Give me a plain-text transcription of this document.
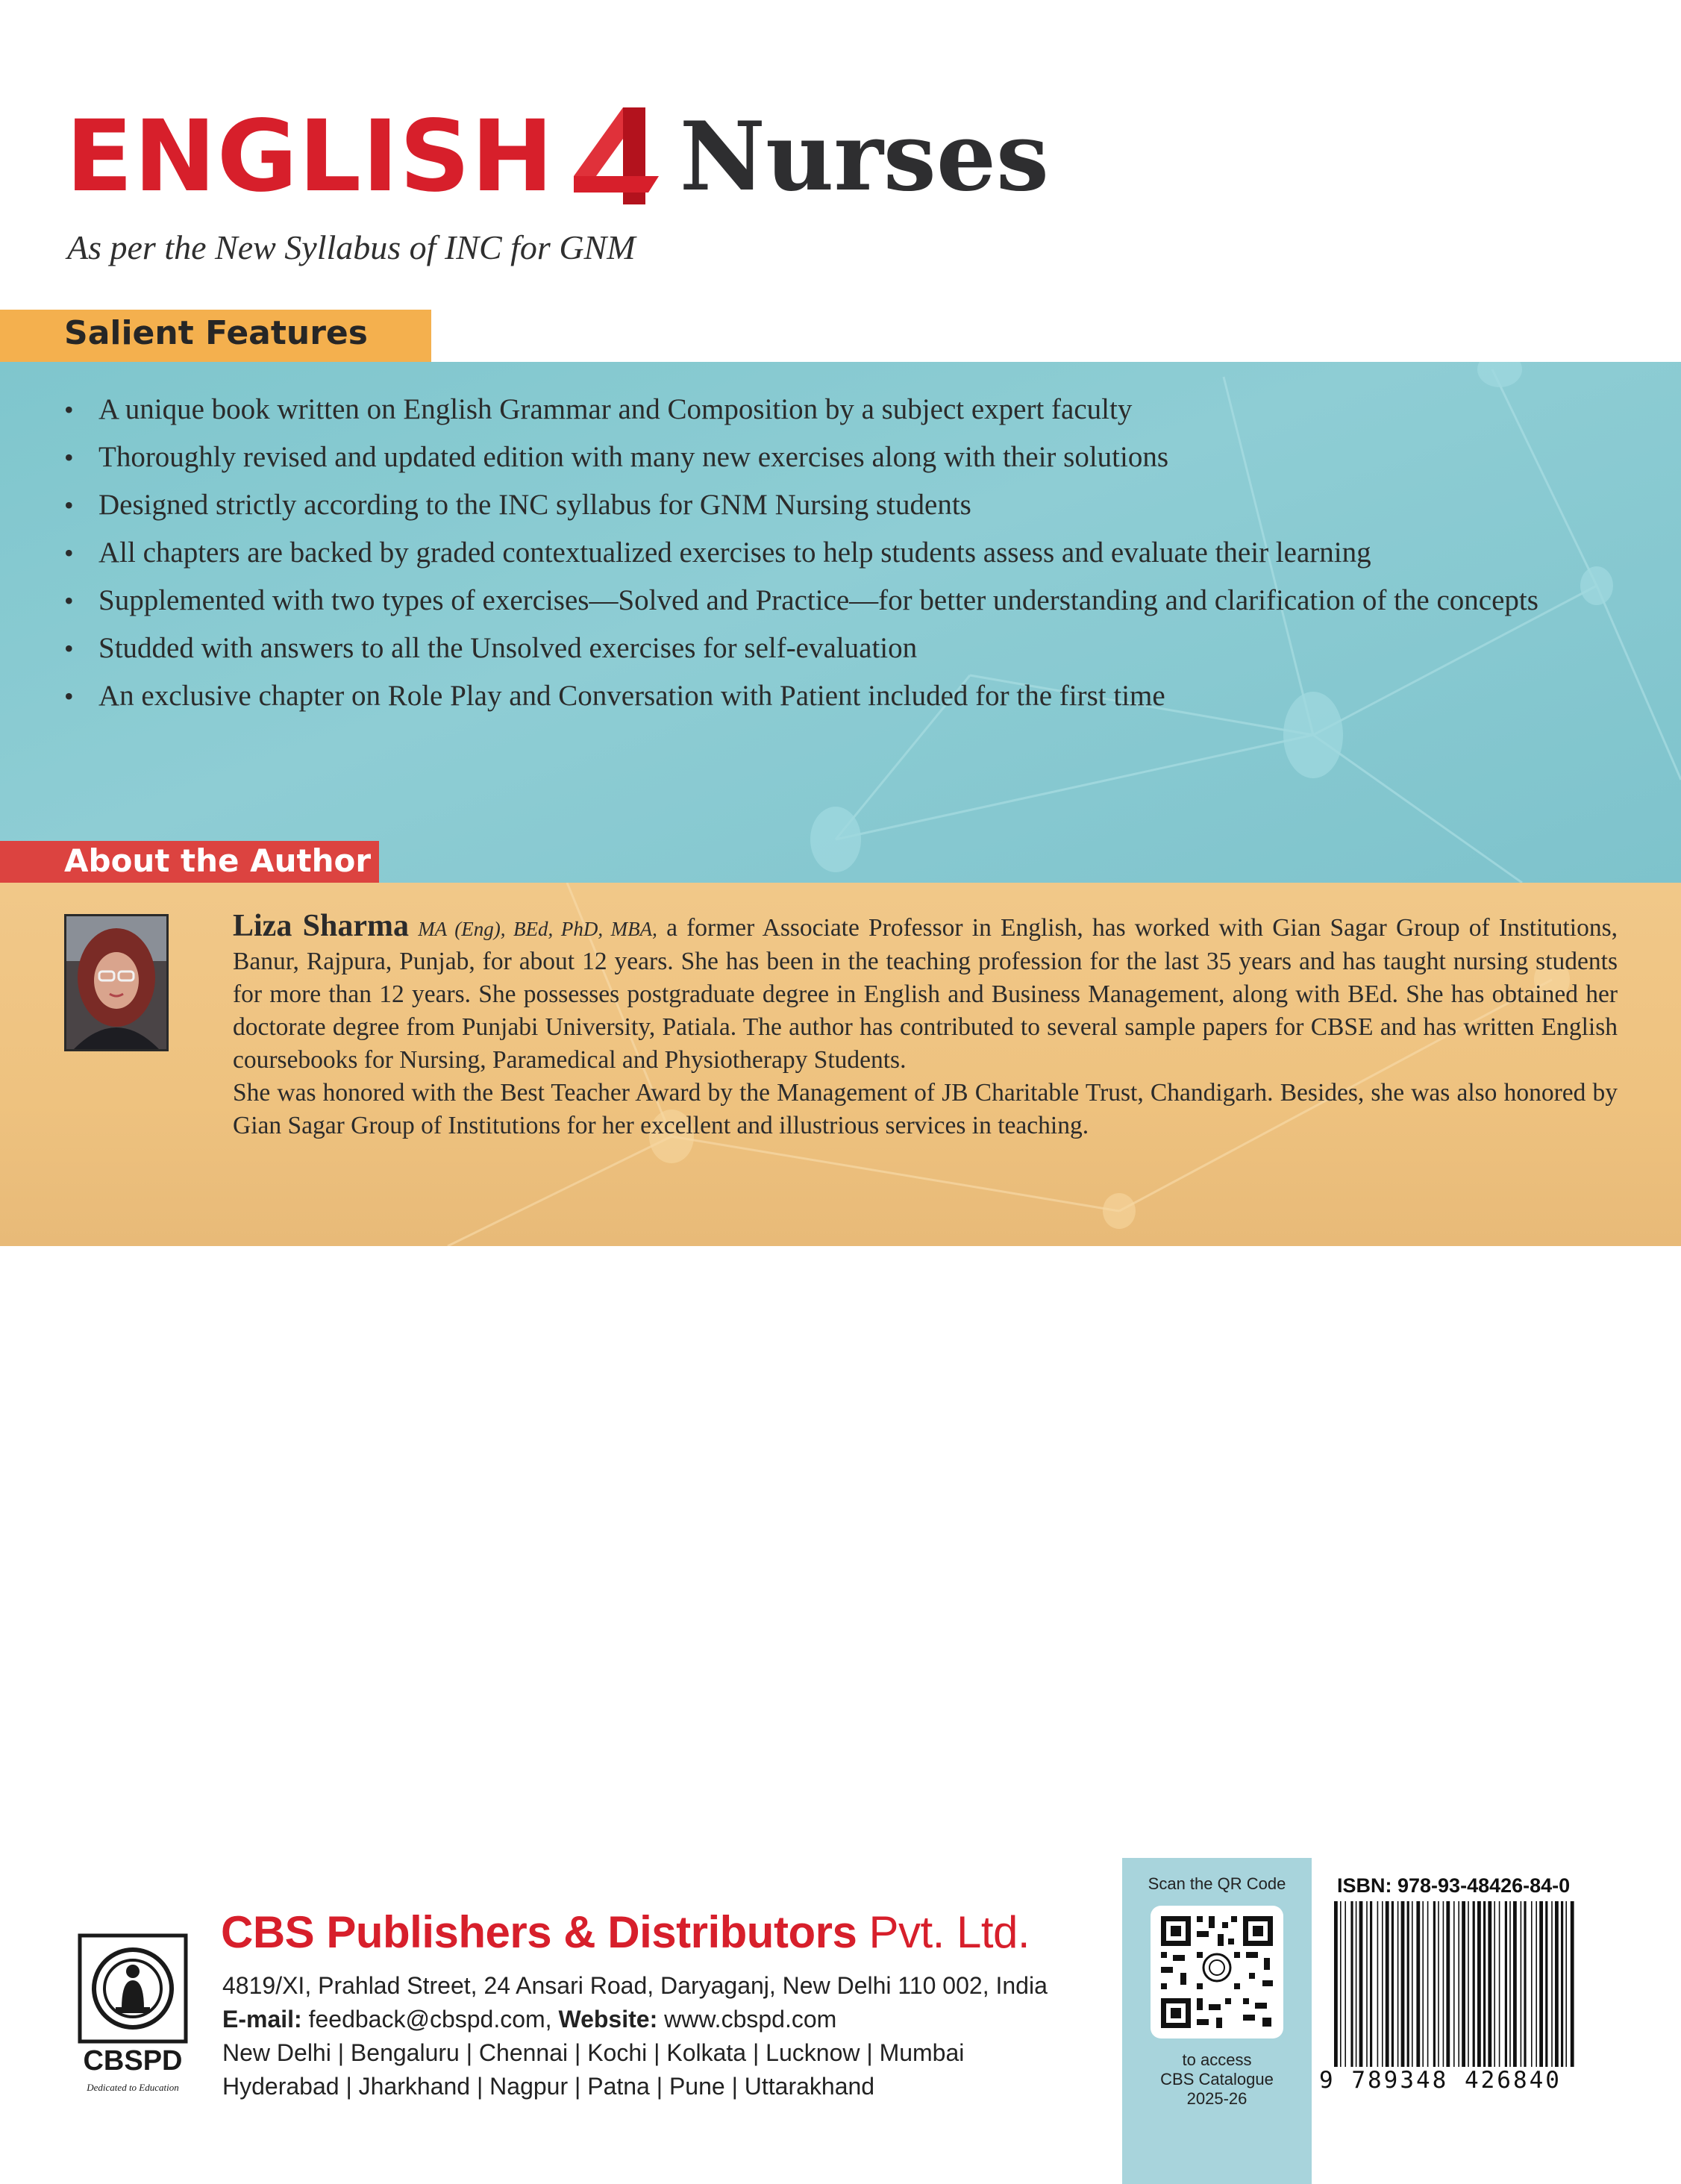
ENGLISH Nurses
As per the New Syllabus of INC for GNM
Salient Features
• A unique book written on English Grammar and Composition by a subject expert faculty
• Thoroughly revised and updated edition with many new exercises along with their solutions
• Designed strictly according to the INC syllabus for GNM Nursing students
• All chapters are backed by graded contextualized exercises to help students assess and evaluate their learning
• Supplemented with two types of exercises—Solved and Practice—for better understanding and clarification of the concepts
• Studded with answers to all the Unsolved exercises for self-evaluation
• An exclusive chapter on Role Play and Conversation with Patient included for the first time
About the Author
Liza Sharma MA (Eng), BEd, PhD, MBA, a former Associate Professor in English, has worked with Gian Sagar Group of Institutions, Banur, Rajpura, Punjab, for about 12 years. She has been in the teaching profession for the last 35 years and has taught nursing students for more than 12 years. She possesses postgraduate degree in English and Business Management, along with BEd. She has obtained her doctorate degree from Punjabi University, Patiala. The author has contributed to several sample papers for CBSE and has written English coursebooks for Nursing, Paramedical and Physiotherapy Students.
She was honored with the Best Teacher Award by the Management of JB Charitable Trust, Chandigarh. Besides, she was also honored by Gian Sagar Group of Institutions for her excellent and illustrious services in teaching.
CBSPD
Dedicated to Education
CBS Publishers & Distributors Pvt. Ltd.
4819/XI, Prahlad Street, 24 Ansari Road, Daryaganj, New Delhi 110 002, India
E-mail: feedback@cbspd.com, Website: www.cbspd.com
New Delhi | Bengaluru | Chennai | Kochi | Kolkata | Lucknow | Mumbai
Hyderabad | Jharkhand | Nagpur | Patna | Pune | Uttarakhand
Scan the QR Code
to access
CBS Catalogue
2025-26
ISBN: 978-93-48426-84-0
9 789348 426840
